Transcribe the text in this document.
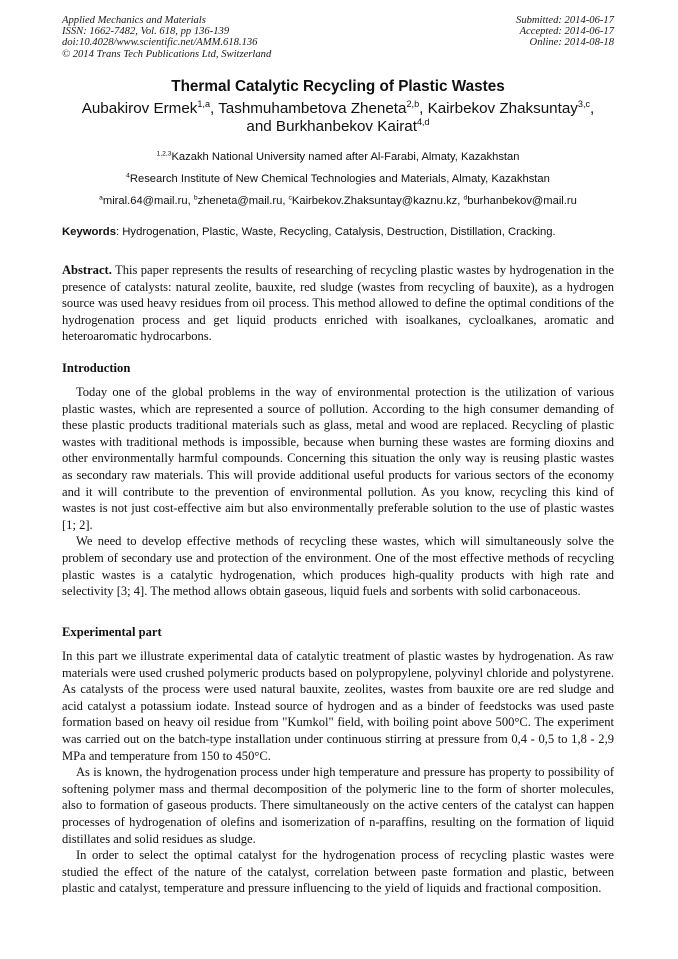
Applied Mechanics and Materials
ISSN: 1662-7482, Vol. 618, pp 136-139
doi:10.4028/www.scientific.net/AMM.618.136
© 2014 Trans Tech Publications Ltd, Switzerland
Submitted: 2014-06-17
Accepted: 2014-06-17
Online: 2014-08-18
Thermal Catalytic Recycling of Plastic Wastes
Aubakirov Ermek$^{1,a}$, Tashmuhambetova Zheneta$^{2,b}$, Kairbekov Zhaksuntay$^{3,c}$,
and Burkhanbekov Kairat$^{4,d}$
$^{1,2,3}$Kazakh National University named after Al-Farabi, Almaty, Kazakhstan
$^4$Research Institute of New Chemical Technologies and Materials, Almaty, Kazakhstan
$^a$miral.64@mail.ru, $^b$zheneta@mail.ru, $^c$Kairbekov.Zhaksuntay@kaznu.kz, $^d$burhanbekov@mail.ru
Keywords: Hydrogenation, Plastic, Waste, Recycling, Catalysis, Destruction, Distillation, Cracking.

Abstract. This paper represents the results of researching of recycling plastic wastes by hydrogenation in the presence of catalysts: natural zeolite, bauxite, red sludge (wastes from recycling of bauxite), as a hydrogen source was used heavy residues from oil process. This method allowed to define the optimal conditions of the hydrogenation process and get liquid products enriched with isoalkanes, cycloalkanes, aromatic and heteroaromatic hydrocarbons.

Introduction

Today one of the global problems in the way of environmental protection is the utilization of various plastic wastes, which are represented a source of pollution. According to the high consumer demanding of these plastic products traditional materials such as glass, metal and wood are replaced. Recycling of plastic wastes with traditional methods is impossible, because when burning these wastes are forming dioxins and other environmentally harmful compounds. Concerning this situation the only way is reusing plastic wastes as secondary raw materials. This will provide additional useful products for various sectors of the economy and it will contribute to the prevention of environmental pollution. As you know, recycling this kind of wastes is not just cost-effective aim but also environmentally preferable solution to the use of plastic wastes [1; 2].

We need to develop effective methods of recycling these wastes, which will simultaneously solve the problem of secondary use and protection of the environment. One of the most effective methods of recycling plastic wastes is a catalytic hydrogenation, which produces high-quality products with high rate and selectivity [3; 4]. The method allows obtain gaseous, liquid fuels and sorbents with solid carbonaceous.

Experimental part

In this part we illustrate experimental data of catalytic treatment of plastic wastes by hydrogenation. As raw materials were used crushed polymeric products based on polypropylene, polyvinyl chloride and polystyrene. As catalysts of the process were used natural bauxite, zeolites, wastes from bauxite ore are red sludge and acid catalyst a potassium iodate. Instead source of hydrogen and as a binder of feedstocks was used paste formation based on heavy oil residue from "Kumkol" field, with boiling point above 500°C. The experiment was carried out on the batch-type installation under continuous stirring at pressure from 0,4 - 0,5 to 1,8 - 2,9 MPa and temperature from 150 to 450°C.

As is known, the hydrogenation process under high temperature and pressure has property to possibility of softening polymer mass and thermal decomposition of the polymeric line to the form of shorter molecules, also to formation of gaseous products. There simultaneously on the active centers of the catalyst can happen processes of hydrogenation of olefins and isomerization of n-paraffins, resulting on the formation of liquid distillates and solid residues as sludge.

In order to select the optimal catalyst for the hydrogenation process of recycling plastic wastes were studied the effect of the nature of the catalyst, correlation between paste formation and plastic, between plastic and catalyst, temperature and pressure influencing to the yield of liquids and fractional composition.
